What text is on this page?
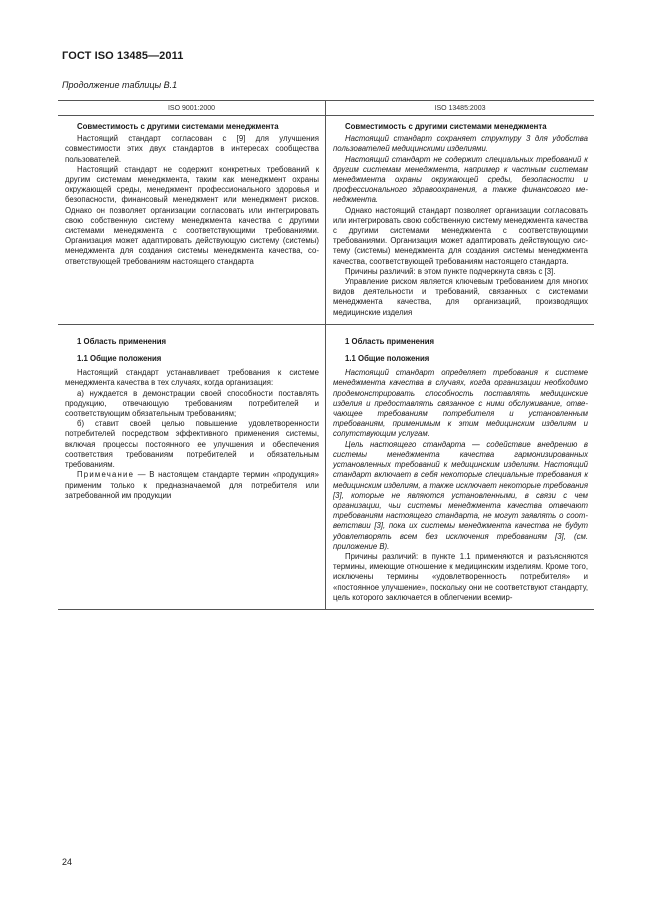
ГОСТ ISO 13485—2011
Продолжение таблицы В.1
ISO 9001:2000	ISO 13485:2003

Совместимость с другими системами менеджмента

Настоящий стандарт согласован с [9] для улучшения совместимости этих двух стандартов в интересах сообщества пользователей.

Настоящий стандарт не содержит конкретных требований к другим системам менеджмента, таким как менеджмент охраны окружающей среды, менеджмент профессионального здоровья и безопасности, финансовый менеджмент или менеджмент рисков. Однако он позволяет организации согласовать или интегрировать свою собственную систему менеджмента качества с другими системами менеджмента с соответствующими требованиями. Организация может адаптировать действующую систему (системы) менеджмента для создания системы менеджмента качества, соответствующей требованиям настоящего стандарта

Совместимость с другими системами менеджмента

Настоящий стандарт сохраняет структуру 3 для удобства пользователей медицинскими изделиями.

Настоящий стандарт не содержит специальных требований к другим системам менеджмента, например к частным системам менеджмента охраны окружающей среды, безопасности и профессионального здравоохранения, а также финансового менеджмента.

Однако настоящий стандарт позволяет организации согласовать или интегрировать свою собственную систему менеджмента качества с другими системами менеджмента с соответствующими требованиями. Организация может адаптировать действующую систему (системы) менеджмента для создания системы менеджмента качества, соответствующей требованиям настоящего стандарта.

Причины различий: в этом пункте подчеркнута связь с [3].

Управление риском является ключевым требованием для многих видов деятельности и требований, связанных с системами менеджмента качества, для организаций, производящих медицинские изделия

1 Область применения

1.1 Общие положения

Настоящий стандарт устанавливает требования к системе менеджмента качества в тех случаях, когда организация:

а) нуждается в демонстрации своей способности поставлять продукцию, отвечающую требованиям потребителей и соответствующим обязательным требованиям;

б) ставит своей целью повышение удовлетворенности потребителей посредством эффективного применения системы, включая процессы постоянного ее улучшения и обеспечения соответствия требованиям потребителей и обязательным требованиям.

Примечание — В настоящем стандарте термин «продукция» применим только к предназначаемой для потребителя или затребованной им продукции

1 Область применения

1.1 Общие положения

Настоящий стандарт определяет требования к системе менеджмента качества в случаях, когда организации необходимо продемонстрировать способность поставлять медицинские изделия и предоставлять связанное с ними обслуживание, отвечающее требованиям потребителя и установленным требованиям, применимым к этим медицинским изделиям и сопутствующим услугам.

Цель настоящего стандарта — содействие внедрению в системы менеджмента качества гармонизированных установленных требований к медицинским изделиям. Настоящий стандарт включает в себя некоторые специальные требования к медицинским изделиям, а также исключает некоторые требования [3], которые не являются установленными, в связи с чем организации, чьи системы менеджмента качества отвечают требованиям настоящего стандарта, не могут заявлять о соответствии [3], пока их системы менеджмента качества не будут удовлетворять всем без исключения требованиям [3], (см. приложение В).

Причины различий: в пункте 1.1 применяются и разъясняются термины, имеющие отношение к медицинским изделиям. Кроме того, исключены термины «удовлетворенность потребителя» и «постоянное улучшение», поскольку они не соответствуют стандарту, цель которого заключается в облегчении всемир-

24
